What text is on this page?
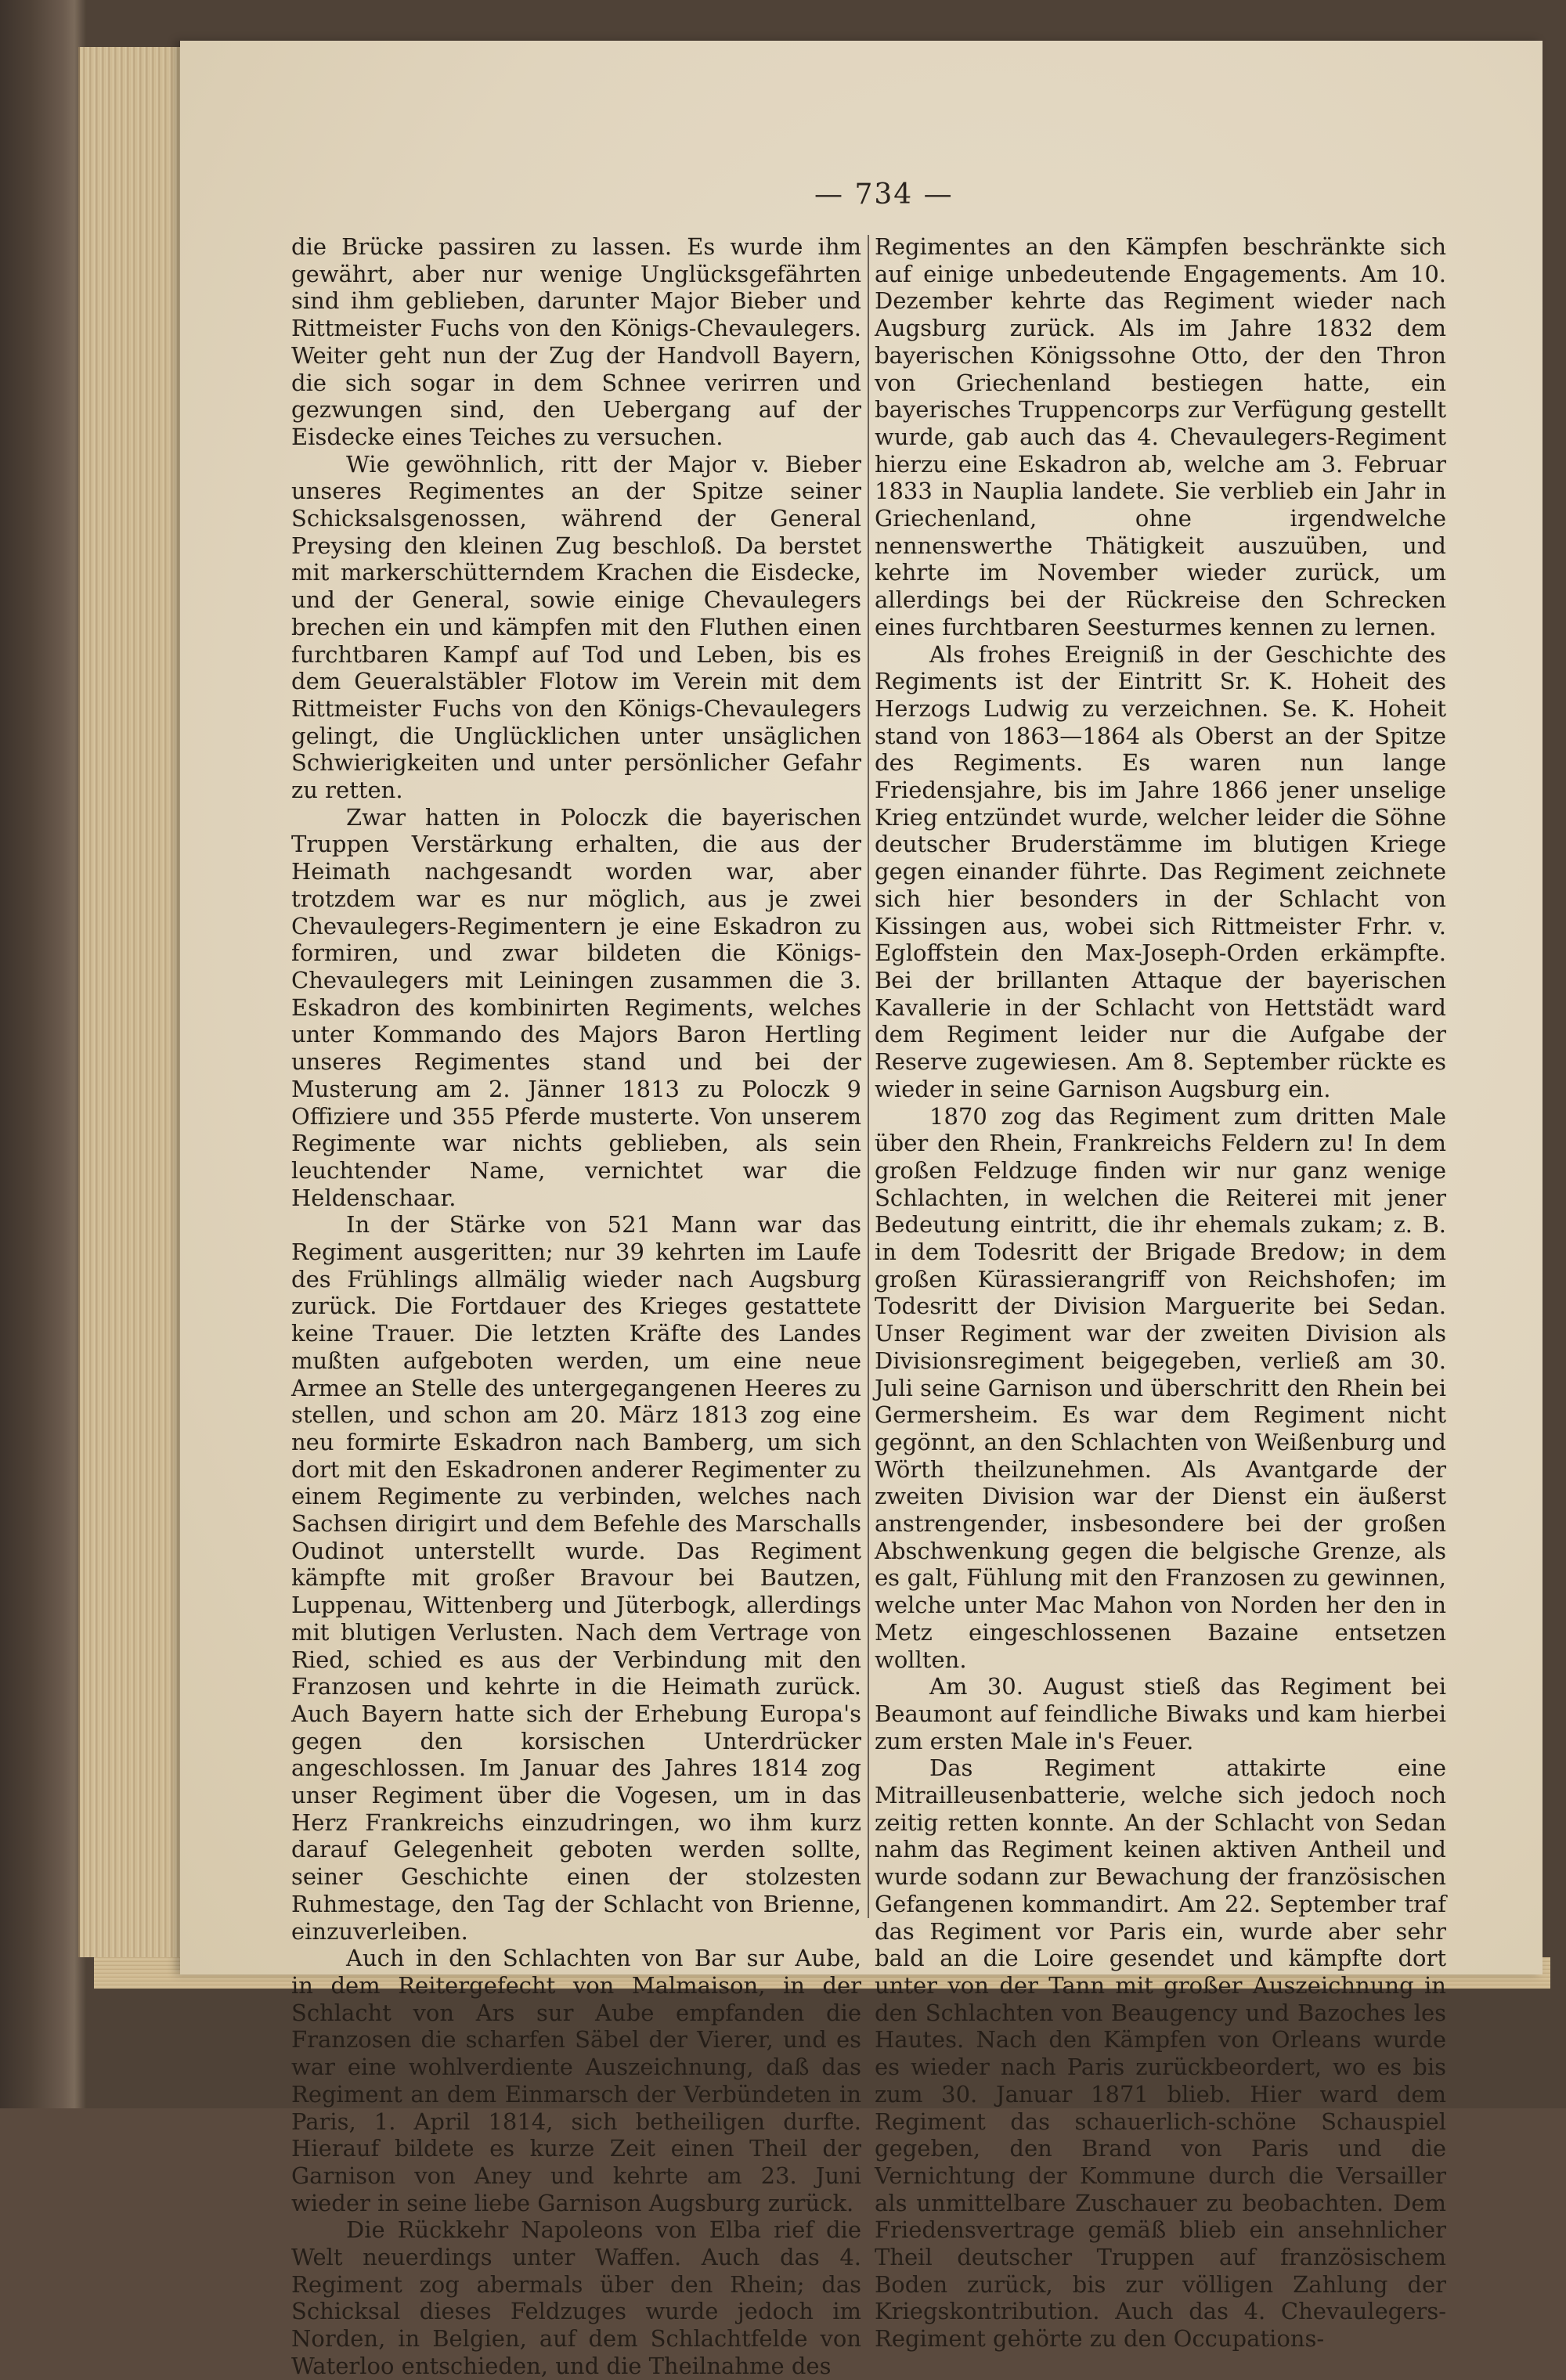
— 734 —

die Brücke passiren zu lassen. Es wurde ihm gewährt, aber nur wenige Unglücksgefährten sind ihm geblieben, darunter Major Bieber und Rittmeister Fuchs von den Königs-Chevaulegers. Weiter geht nun der Zug der Handvoll Bayern, die sich sogar in dem Schnee verirren und gezwungen sind, den Uebergang auf der Eisdecke eines Teiches zu versuchen.

Wie gewöhnlich, ritt der Major v. Bieber unseres Regimentes an der Spitze seiner Schicksalsgenossen, während der General Preysing den kleinen Zug beschloß. Da berstet mit markerschütterndem Krachen die Eisdecke, und der General, sowie einige Chevaulegers brechen ein und kämpfen mit den Fluthen einen furchtbaren Kampf auf Tod und Leben, bis es dem Geueralstäbler Flotow im Verein mit dem Rittmeister Fuchs von den Königs-Chevaulegers gelingt, die Unglücklichen unter unsäglichen Schwierigkeiten und unter persönlicher Gefahr zu retten.

Zwar hatten in Poloczk die bayerischen Truppen Verstärkung erhalten, die aus der Heimath nachgesandt worden war, aber trotzdem war es nur möglich, aus je zwei Chevaulegers-Regimentern je eine Eskadron zu formiren, und zwar bildeten die Königs-Chevaulegers mit Leiningen zusammen die 3. Eskadron des kombinirten Regiments, welches unter Kommando des Majors Baron Hertling unseres Regimentes stand und bei der Musterung am 2. Jänner 1813 zu Poloczk 9 Offiziere und 355 Pferde musterte. Von unserem Regimente war nichts geblieben, als sein leuchtender Name, vernichtet war die Heldenschaar.

In der Stärke von 521 Mann war das Regiment ausgeritten; nur 39 kehrten im Laufe des Frühlings allmälig wieder nach Augsburg zurück. Die Fortdauer des Krieges gestattete keine Trauer. Die letzten Kräfte des Landes mußten aufgeboten werden, um eine neue Armee an Stelle des untergegangenen Heeres zu stellen, und schon am 20. März 1813 zog eine neu formirte Eskadron nach Bamberg, um sich dort mit den Eskadronen anderer Regimenter zu einem Regimente zu verbinden, welches nach Sachsen dirigirt und dem Befehle des Marschalls Oudinot unterstellt wurde. Das Regiment kämpfte mit großer Bravour bei Bautzen, Luppenau, Wittenberg und Jüterbogk, allerdings mit blutigen Verlusten. Nach dem Vertrage von Ried, schied es aus der Verbindung mit den Franzosen und kehrte in die Heimath zurück. Auch Bayern hatte sich der Erhebung Europa's gegen den korsischen Unterdrücker angeschlossen. Im Januar des Jahres 1814 zog unser Regiment über die Vogesen, um in das Herz Frankreichs einzudringen, wo ihm kurz darauf Gelegenheit geboten werden sollte, seiner Geschichte einen der stolzesten Ruhmestage, den Tag der Schlacht von Brienne, einzuverleiben.

Auch in den Schlachten von Bar sur Aube, in dem Reitergefecht von Malmaison, in der Schlacht von Ars sur Aube empfanden die Franzosen die scharfen Säbel der Vierer, und es war eine wohlverdiente Auszeichnung, daß das Regiment an dem Einmarsch der Verbündeten in Paris, 1. April 1814, sich betheiligen durfte. Hierauf bildete es kurze Zeit einen Theil der Garnison von Aney und kehrte am 23. Juni wieder in seine liebe Garnison Augsburg zurück.

Die Rückkehr Napoleons von Elba rief die Welt neuerdings unter Waffen. Auch das 4. Regiment zog abermals über den Rhein; das Schicksal dieses Feldzuges wurde jedoch im Norden, in Belgien, auf dem Schlachtfelde von Waterloo entschieden, und die Theilnahme des

Regimentes an den Kämpfen beschränkte sich auf einige unbedeutende Engagements. Am 10. Dezember kehrte das Regiment wieder nach Augsburg zurück. Als im Jahre 1832 dem bayerischen Königssohne Otto, der den Thron von Griechenland bestiegen hatte, ein bayerisches Truppencorps zur Verfügung gestellt wurde, gab auch das 4. Chevaulegers-Regiment hierzu eine Eskadron ab, welche am 3. Februar 1833 in Nauplia landete. Sie verblieb ein Jahr in Griechenland, ohne irgendwelche nennenswerthe Thätigkeit auszuüben, und kehrte im November wieder zurück, um allerdings bei der Rückreise den Schrecken eines furchtbaren Seesturmes kennen zu lernen.

Als frohes Ereigniß in der Geschichte des Regiments ist der Eintritt Sr. K. Hoheit des Herzogs Ludwig zu verzeichnen. Se. K. Hoheit stand von 1863—1864 als Oberst an der Spitze des Regiments. Es waren nun lange Friedensjahre, bis im Jahre 1866 jener unselige Krieg entzündet wurde, welcher leider die Söhne deutscher Bruderstämme im blutigen Kriege gegen einander führte. Das Regiment zeichnete sich hier besonders in der Schlacht von Kissingen aus, wobei sich Rittmeister Frhr. v. Egloffstein den Max-Joseph-Orden erkämpfte. Bei der brillanten Attaque der bayerischen Kavallerie in der Schlacht von Hettstädt ward dem Regiment leider nur die Aufgabe der Reserve zugewiesen. Am 8. September rückte es wieder in seine Garnison Augsburg ein.

1870 zog das Regiment zum dritten Male über den Rhein, Frankreichs Feldern zu! In dem großen Feldzuge finden wir nur ganz wenige Schlachten, in welchen die Reiterei mit jener Bedeutung eintritt, die ihr ehemals zukam; z. B. in dem Todesritt der Brigade Bredow; in dem großen Kürassierangriff von Reichshofen; im Todesritt der Division Marguerite bei Sedan. Unser Regiment war der zweiten Division als Divisionsregiment beigegeben, verließ am 30. Juli seine Garnison und überschritt den Rhein bei Germersheim. Es war dem Regiment nicht gegönnt, an den Schlachten von Weißenburg und Wörth theilzunehmen. Als Avantgarde der zweiten Division war der Dienst ein äußerst anstrengender, insbesondere bei der großen Abschwenkung gegen die belgische Grenze, als es galt, Fühlung mit den Franzosen zu gewinnen, welche unter Mac Mahon von Norden her den in Metz eingeschlossenen Bazaine entsetzen wollten.

Am 30. August stieß das Regiment bei Beaumont auf feindliche Biwaks und kam hierbei zum ersten Male in's Feuer.

Das Regiment attakirte eine Mitrailleusenbatterie, welche sich jedoch noch zeitig retten konnte. An der Schlacht von Sedan nahm das Regiment keinen aktiven Antheil und wurde sodann zur Bewachung der französischen Gefangenen kommandirt. Am 22. September traf das Regiment vor Paris ein, wurde aber sehr bald an die Loire gesendet und kämpfte dort unter von der Tann mit großer Auszeichnung in den Schlachten von Beaugency und Bazoches les Hautes. Nach den Kämpfen von Orleans wurde es wieder nach Paris zurückbeordert, wo es bis zum 30. Januar 1871 blieb. Hier ward dem Regiment das schauerlich-schöne Schauspiel gegeben, den Brand von Paris und die Vernichtung der Kommune durch die Versailler als unmittelbare Zuschauer zu beobachten. Dem Friedensvertrage gemäß blieb ein ansehnlicher Theil deutscher Truppen auf französischem Boden zurück, bis zur völligen Zahlung der Kriegskontribution. Auch das 4. Chevaulegers-Regiment gehörte zu den Occupations-
